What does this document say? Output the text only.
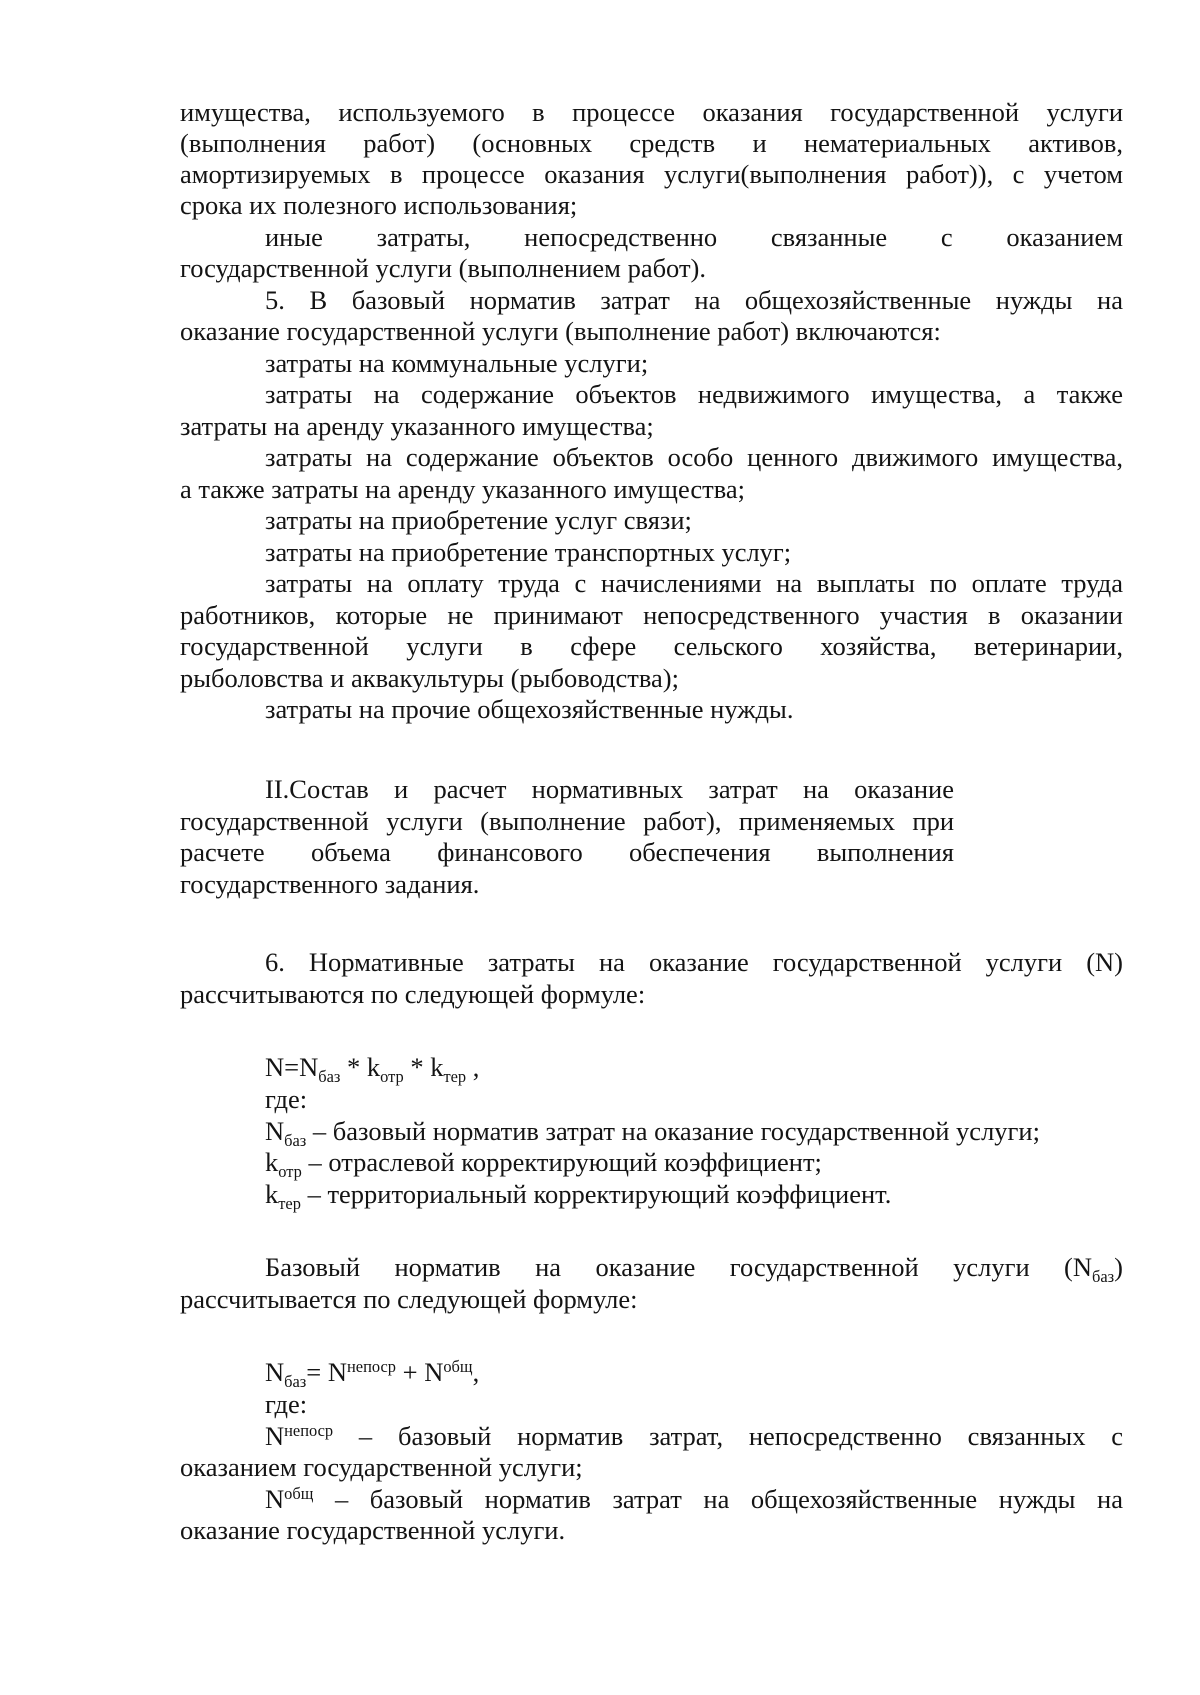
имущества, используемого в процессе оказания государственной услуги
(выполнения работ) (основных средств и нематериальных активов,
амортизируемых в процессе оказания услуги(выполнения работ)), с учетом
срока их полезного использования;
иные затраты, непосредственно связанные с оказанием
государственной услуги (выполнением работ).
5. В базовый норматив затрат на общехозяйственные нужды на
оказание государственной услуги (выполнение работ) включаются:
затраты на коммунальные услуги;
затраты на содержание объектов недвижимого имущества, а также
затраты на аренду указанного имущества;
затраты на содержание объектов особо ценного движимого имущества,
а также затраты на аренду указанного имущества;
затраты на приобретение услуг связи;
затраты на приобретение транспортных услуг;
затраты на оплату труда с начислениями на выплаты по оплате труда
работников, которые не принимают непосредственного участия в оказании
государственной услуги в сфере сельского хозяйства, ветеринарии,
рыболовства и аквакультуры (рыбоводства);
затраты на прочие общехозяйственные нужды.
II.Состав и расчет нормативных затрат на оказание
государственной услуги (выполнение работ), применяемых при
расчете объема финансового обеспечения выполнения
государственного задания.
6. Нормативные затраты на оказание государственной услуги (N)
рассчитываются по следующей формуле:
$N=N_{баз} * k_{отр} * k_{тер}$ ,
где:
$N_{баз}$ – базовый норматив затрат на оказание государственной услуги;
$k_{отр}$ – отраслевой корректирующий коэффициент;
$k_{тер}$ – территориальный корректирующий коэффициент.
Базовый норматив на оказание государственной услуги $(N_{баз})$
рассчитывается по следующей формуле:
$N_{баз}= N^{непоср} + N^{общ}$,
где:
$N^{непоср}$ – базовый норматив затрат, непосредственно связанных с
оказанием государственной услуги;
$N^{общ}$ – базовый норматив затрат на общехозяйственные нужды на
оказание государственной услуги.
